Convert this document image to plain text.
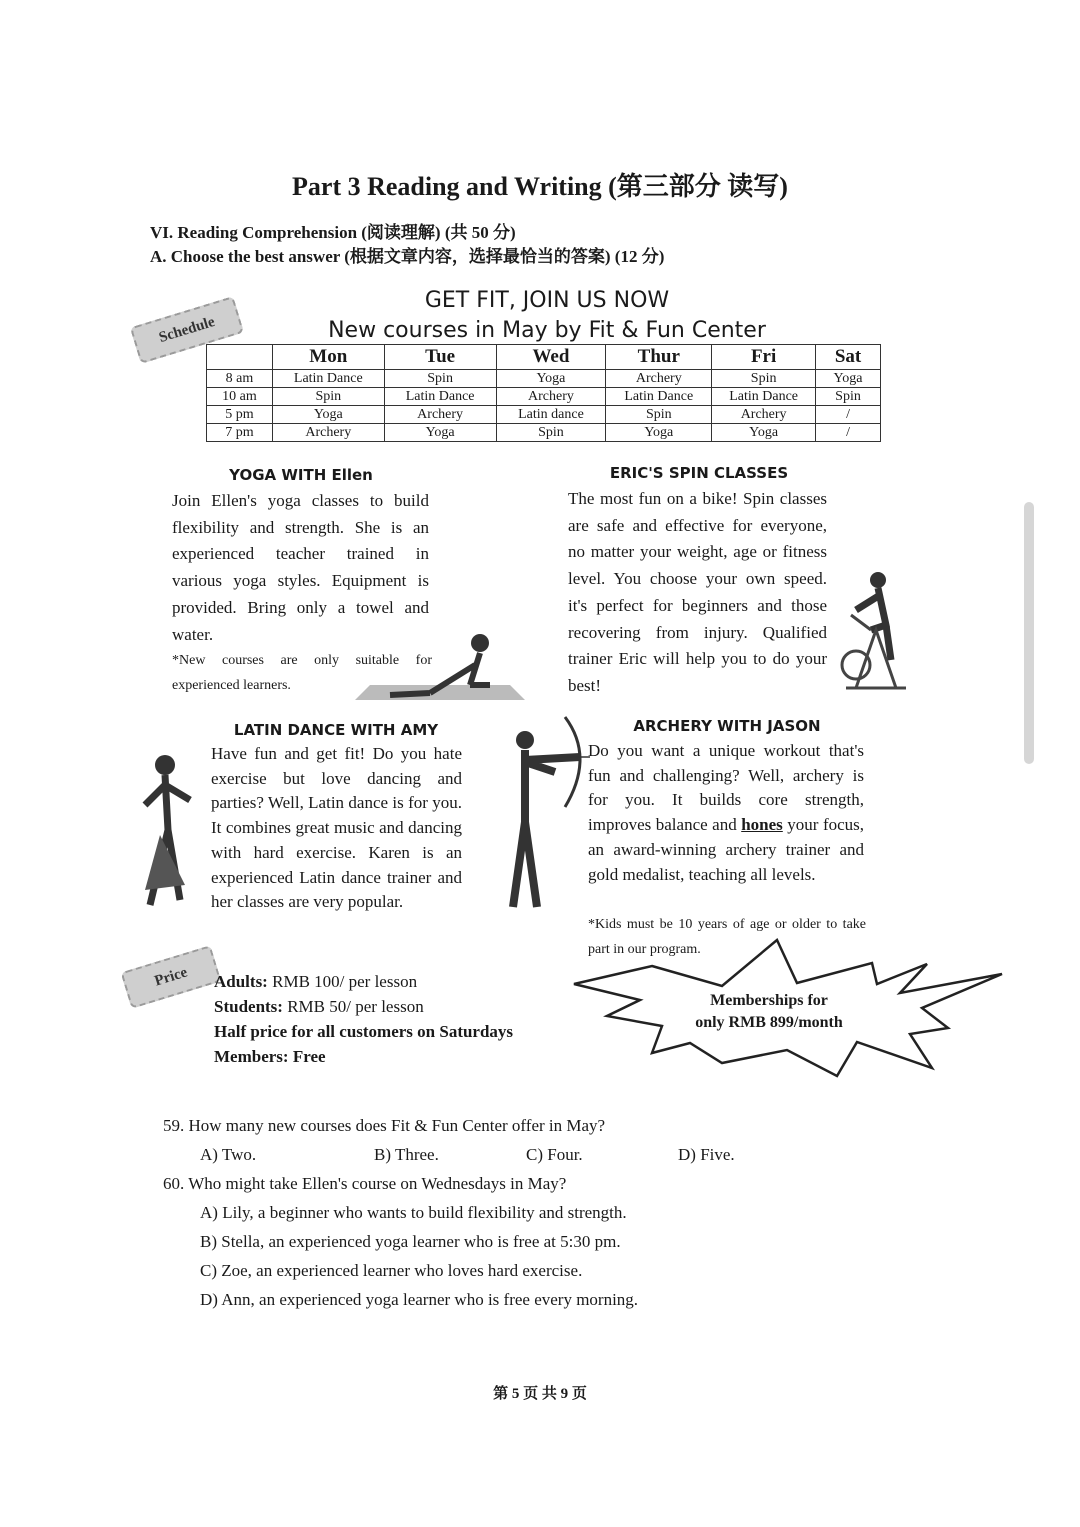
Part 3 Reading and Writing (第三部分 读写)
VI. Reading Comprehension (阅读理解) (共 50 分)
A. Choose the best answer (根据文章内容，选择最恰当的答案) (12 分)
GET FIT, JOIN US NOW
New courses in May by Fit & Fun Center
Schedule
	Mon	Tue	Wed	Thur	Fri	Sat
8 am	Latin Dance	Spin	Yoga	Archery	Spin	Yoga
10 am	Spin	Latin Dance	Archery	Latin Dance	Latin Dance	Spin
5 pm	Yoga	Archery	Latin dance	Spin	Archery	/
7 pm	Archery	Yoga	Spin	Yoga	Yoga	/
YOGA WITH Ellen
Join Ellen's yoga classes to build flexibility and strength. She is an experienced teacher trained in various yoga styles. Equipment is provided. Bring only a towel and water.
*New courses are only suitable for experienced learners.
ERIC'S SPIN CLASSES
The most fun on a bike! Spin classes are safe and effective for everyone, no matter your weight, age or fitness level. You choose your own speed. it's perfect for beginners and those recovering from injury. Qualified trainer Eric will help you to do your best!
LATIN DANCE WITH AMY
Have fun and get fit! Do you hate exercise but love dancing and parties? Well, Latin dance is for you. It combines great music and dancing with hard exercise. Karen is an experienced Latin dance trainer and her classes are very popular.
ARCHERY WITH JASON
Do you want a unique workout that's fun and challenging? Well, archery is for you. It builds core strength, improves balance and hones your focus, an award-winning archery trainer and gold medalist, teaching all levels.
*Kids must be 10 years of age or older to take part in our program.
Price	Adults: RMB 100/ per lesson
Students: RMB 50/ per lesson
Half price for all customers on Saturdays
Members: Free
Memberships for
only RMB 899/month
59. How many new courses does Fit & Fun Center offer in May?
A) Two.	B) Three.	C) Four.	D) Five.
60. Who might take Ellen's course on Wednesdays in May?
A) Lily, a beginner who wants to build flexibility and strength.
B) Stella, an experienced yoga learner who is free at 5:30 pm.
C) Zoe, an experienced learner who loves hard exercise.
D) Ann, an experienced yoga learner who is free every morning.
第 5 页 共 9 页
